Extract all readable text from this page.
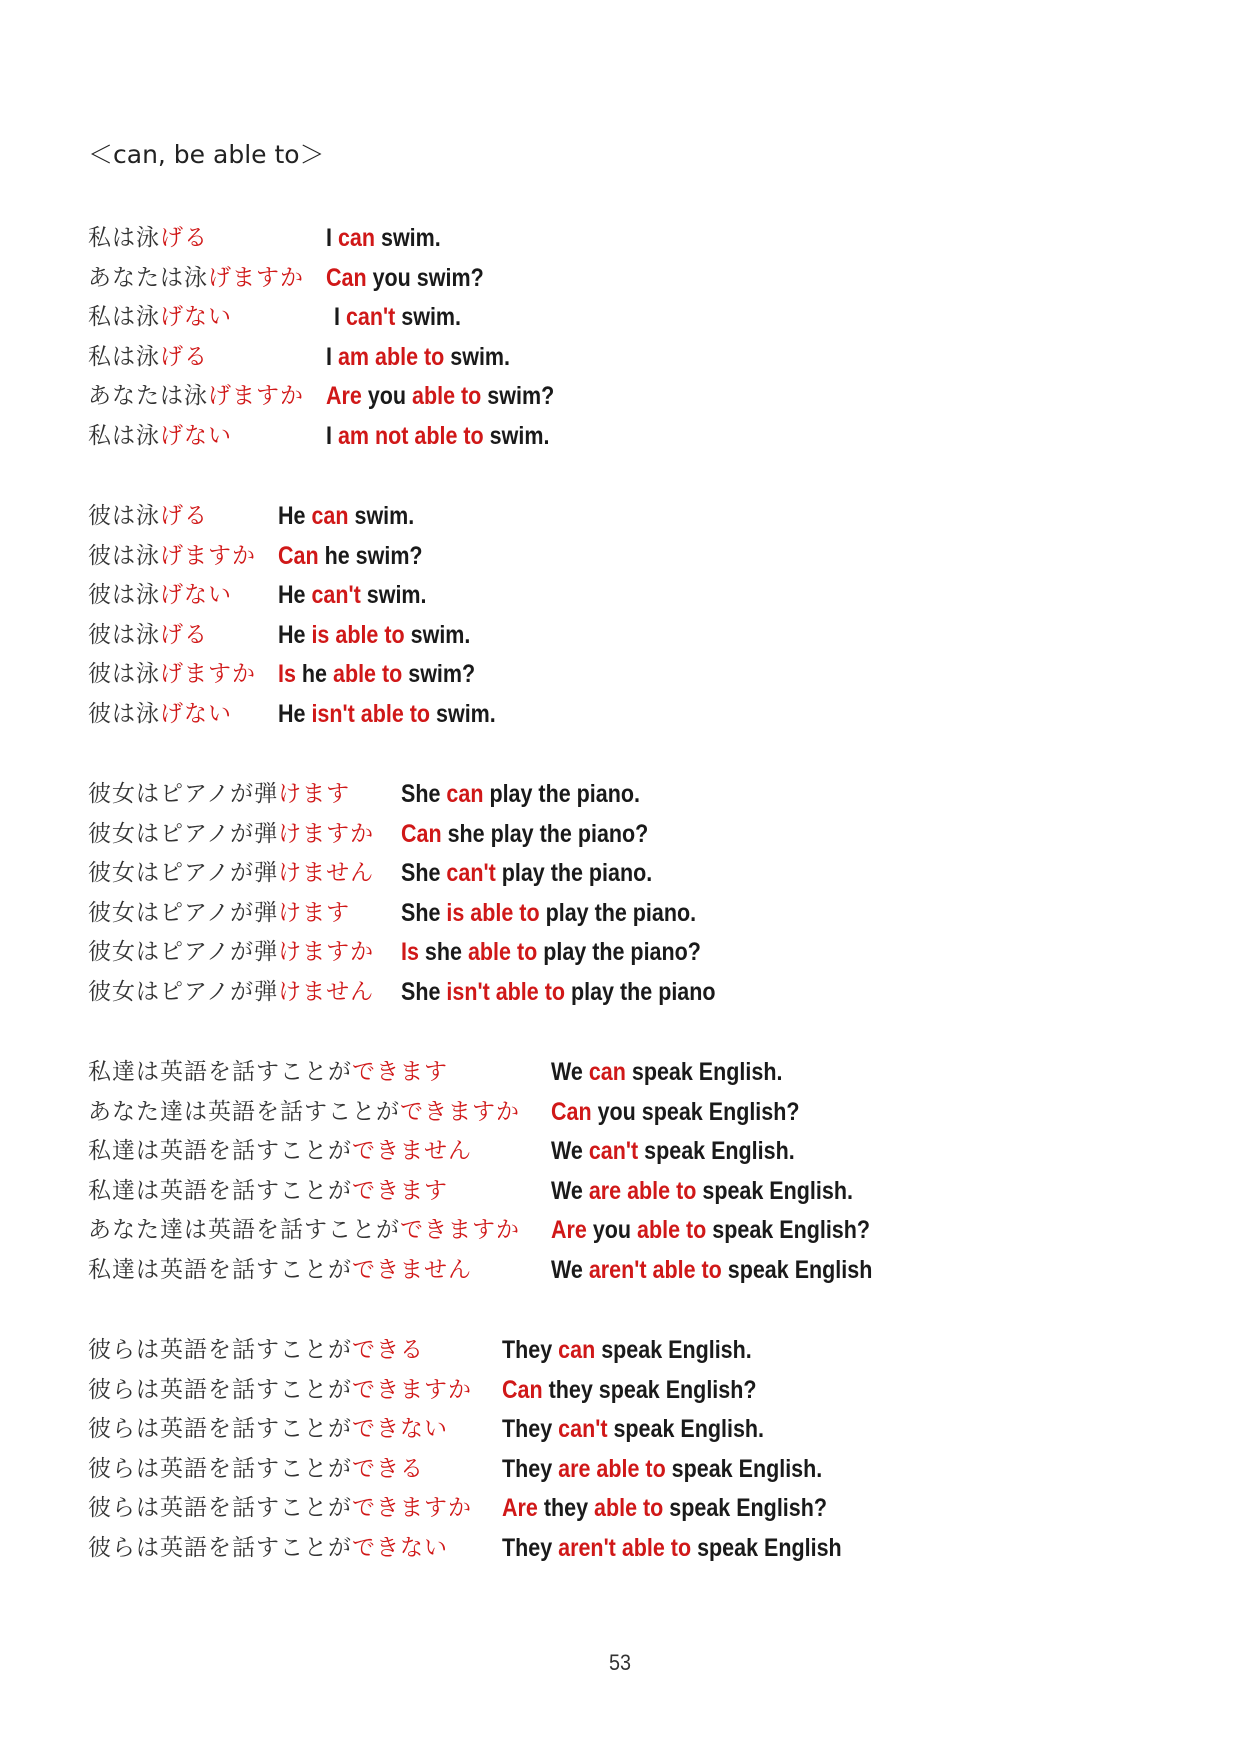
＜can, be able to＞
私は泳げる	I can swim.
あなたは泳げますか Can you swim?
私は泳げない	I can't swim.
私は泳げる	I am able to swim.
あなたは泳げますか Are you able to swim?
私は泳げない	I am not able to swim.
彼は泳げる	He can swim.
彼は泳げますか Can he swim?
彼は泳げない He can't swim.
彼は泳げる	He is able to swim.
彼は泳げますか Is he able to swim?
彼は泳げない He isn't able to swim.
彼女はピアノが弾けます She can play the piano.
彼女はピアノが弾けますか Can she play the piano?
彼女はピアノが弾けません She can't play the piano.
彼女はピアノが弾けます She is able to play the piano.
彼女はピアノが弾けますか Is she able to play the piano?
彼女はピアノが弾けません She isn't able to play the piano
私達は英語を話すことができます	We can speak English.
あなた達は英語を話すことができますか Can you speak English?
私達は英語を話すことができません	We can't speak English.
私達は英語を話すことができます	We are able to speak English.
あなた達は英語を話すことができますか Are you able to speak English?
私達は英語を話すことができません	We aren't able to speak English
彼らは英語を話すことができる	They can speak English.
彼らは英語を話すことができますか Can they speak English?
彼らは英語を話すことができない They can't speak English.
彼らは英語を話すことができる	They are able to speak English.
彼らは英語を話すことができますか Are they able to speak English?
彼らは英語を話すことができない They aren't able to speak English
53
